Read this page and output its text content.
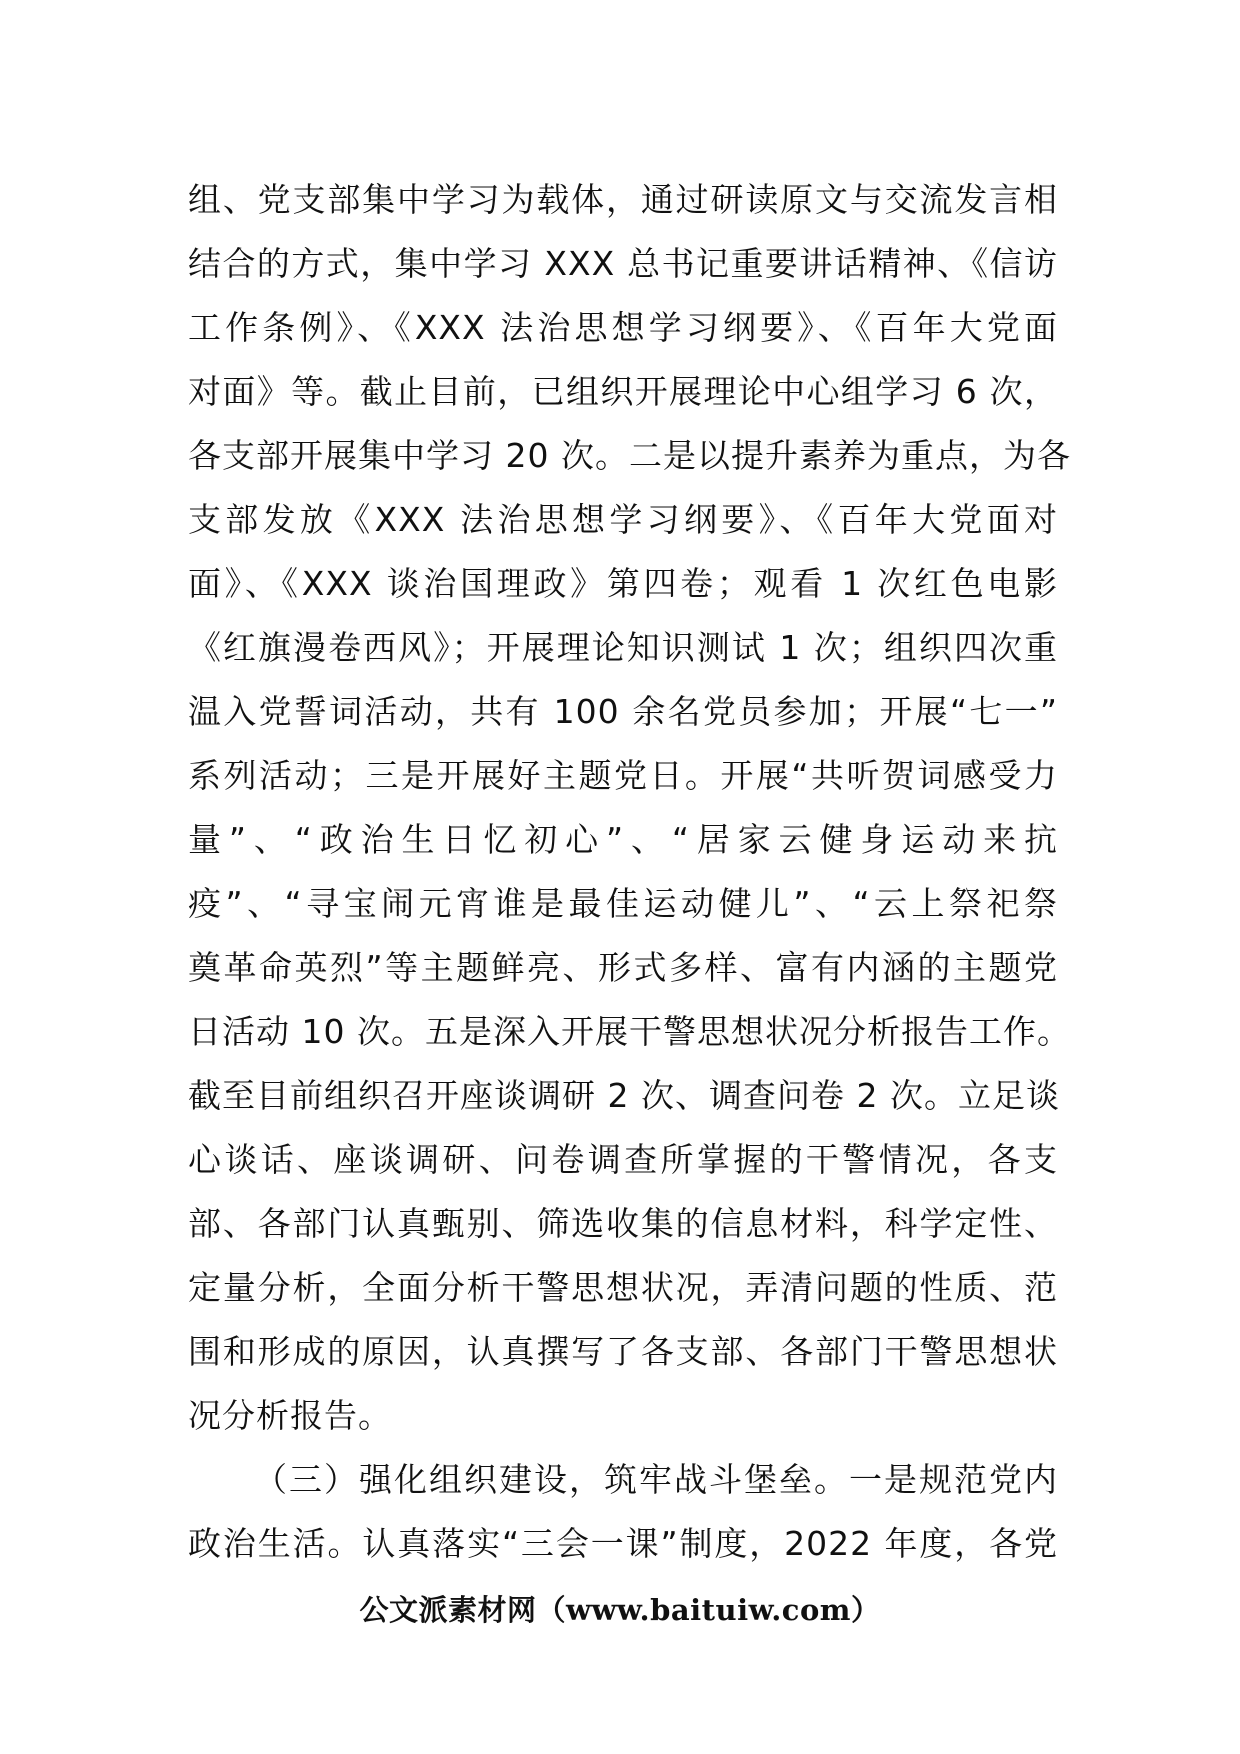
组、党支部集中学习为载体，通过研读原文与交流发言相
结合的方式，集中学习 XXX 总书记重要讲话精神、《信访
工作条例》、《XXX 法治思想学习纲要》、《百年大党面
对面》等。截止目前，已组织开展理论中心组学习 6 次，
各支部开展集中学习 20 次。二是以提升素养为重点，为各
支部发放《XXX 法治思想学习纲要》、《百年大党面对
面》、《XXX 谈治国理政》第四卷；观看 1 次红色电影
《红旗漫卷西风》；开展理论知识测试 1 次；组织四次重
温入党誓词活动，共有 100 余名党员参加；开展“七一”
系列活动；三是开展好主题党日。开展“共听贺词感受力
量”、“政治生日忆初心”、“居家云健身运动来抗
疫”、“寻宝闹元宵谁是最佳运动健儿”、“云上祭祀祭
奠革命英烈”等主题鲜亮、形式多样、富有内涵的主题党
日活动 10 次。五是深入开展干警思想状况分析报告工作。
截至目前组织召开座谈调研 2 次、调查问卷 2 次。立足谈
心谈话、座谈调研、问卷调查所掌握的干警情况，各支
部、各部门认真甄别、筛选收集的信息材料，科学定性、
定量分析，全面分析干警思想状况，弄清问题的性质、范
围和形成的原因，认真撰写了各支部、各部门干警思想状
况分析报告。
（三）强化组织建设，筑牢战斗堡垒。一是规范党内
政治生活。认真落实“三会一课”制度，2022 年度，各党
公文派素材网（www.baituiw.com）
